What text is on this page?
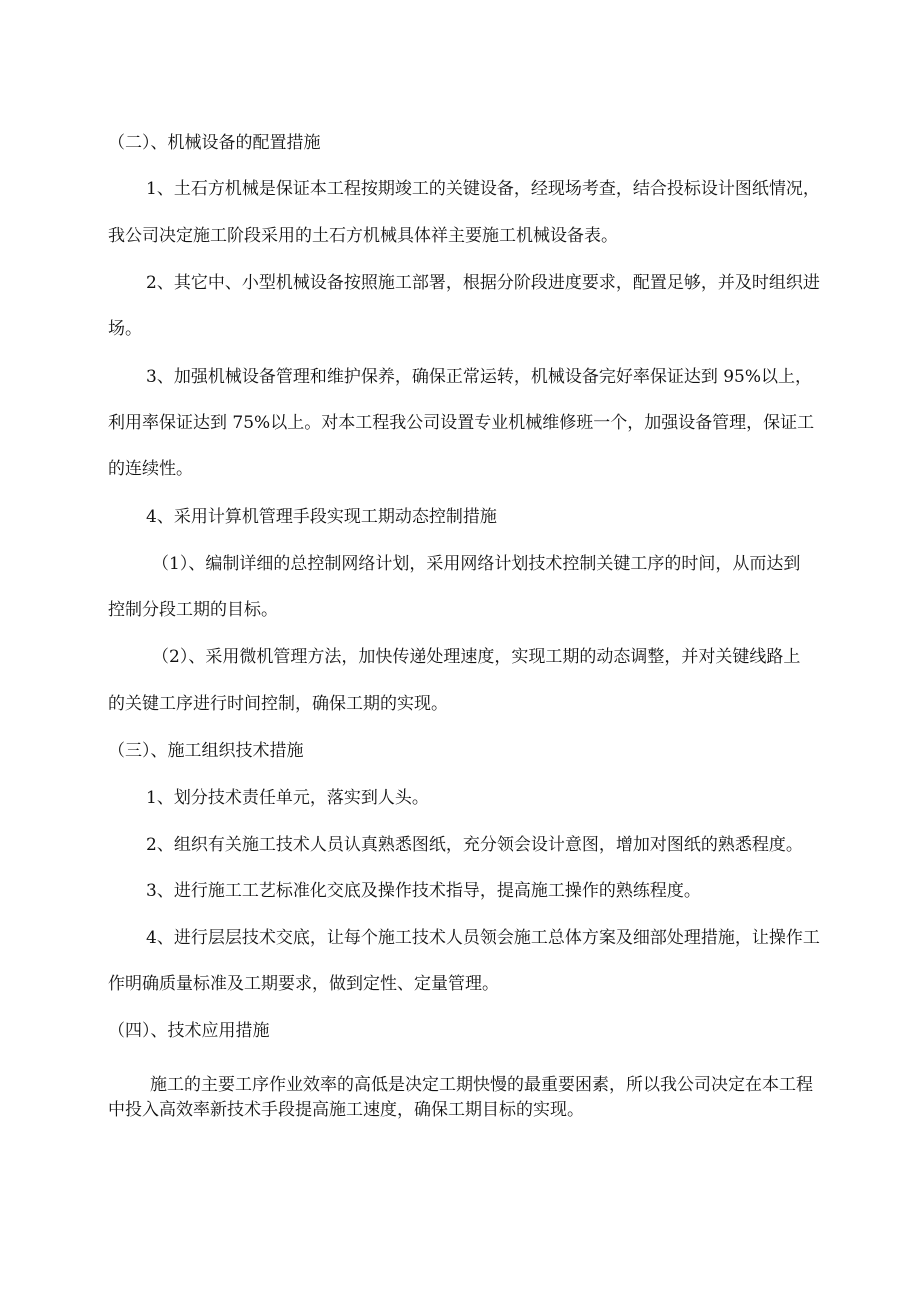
（二）、机械设备的配置措施
1、土石方机械是保证本工程按期竣工的关键设备，经现场考查，结合投标设计图纸情况，
我公司决定施工阶段采用的土石方机械具体祥主要施工机械设备表。
2、其它中、小型机械设备按照施工部署，根据分阶段进度要求，配置足够，并及时组织进
场。
3、加强机械设备管理和维护保养，确保正常运转，机械设备完好率保证达到 95%以上，
利用率保证达到 75%以上。对本工程我公司设置专业机械维修班一个，加强设备管理，保证工
的连续性。
4、采用计算机管理手段实现工期动态控制措施
（1）、编制详细的总控制网络计划，采用网络计划技术控制关键工序的时间，从而达到
控制分段工期的目标。
（2）、采用微机管理方法，加快传递处理速度，实现工期的动态调整，并对关键线路上
的关键工序进行时间控制，确保工期的实现。
（三）、施工组织技术措施
1、划分技术责任单元，落实到人头。
2、组织有关施工技术人员认真熟悉图纸，充分领会设计意图，增加对图纸的熟悉程度。
3、进行施工工艺标准化交底及操作技术指导，提高施工操作的熟练程度。
4、进行层层技术交底，让每个施工技术人员领会施工总体方案及细部处理措施，让操作工
作明确质量标准及工期要求，做到定性、定量管理。
（四）、技术应用措施
施工的主要工序作业效率的高低是决定工期快慢的最重要困素，所以我公司决定在本工程
中投入高效率新技术手段提高施工速度，确保工期目标的实现。
